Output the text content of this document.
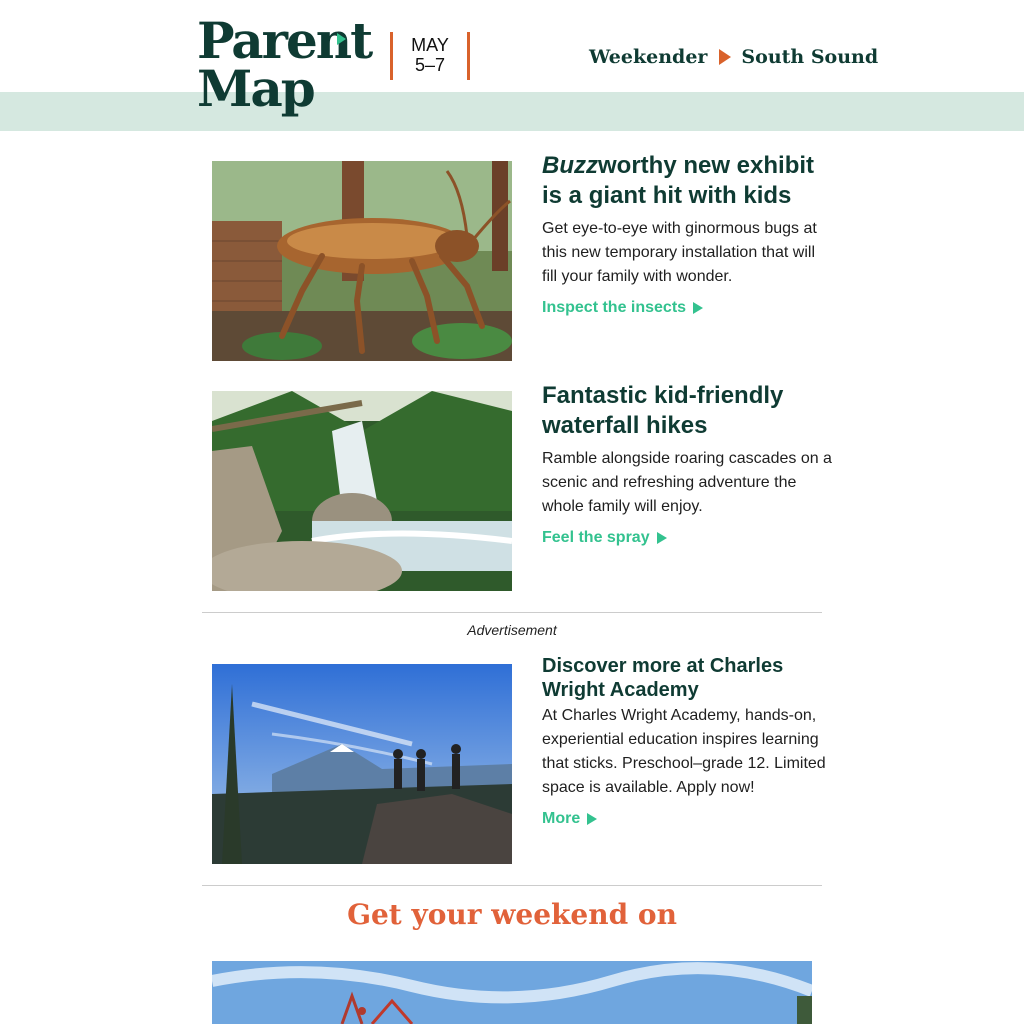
Parent
Map
MAY
5–7	Weekender South Sound
Buzzworthy new exhibit is a giant hit with kids

Get eye-to-eye with ginormous bugs at this new temporary installation that will fill your family with wonder.

Inspect the insects
Fantastic kid-friendly waterfall hikes

Ramble alongside roaring cascades on a scenic and refreshing adventure the whole family will enjoy.

Feel the spray
Advertisement
Discover more at Charles Wright Academy

At Charles Wright Academy, hands-on, experiential education inspires learning that sticks. Preschool–grade 12. Limited space is available. Apply now!

More
Get your weekend on
